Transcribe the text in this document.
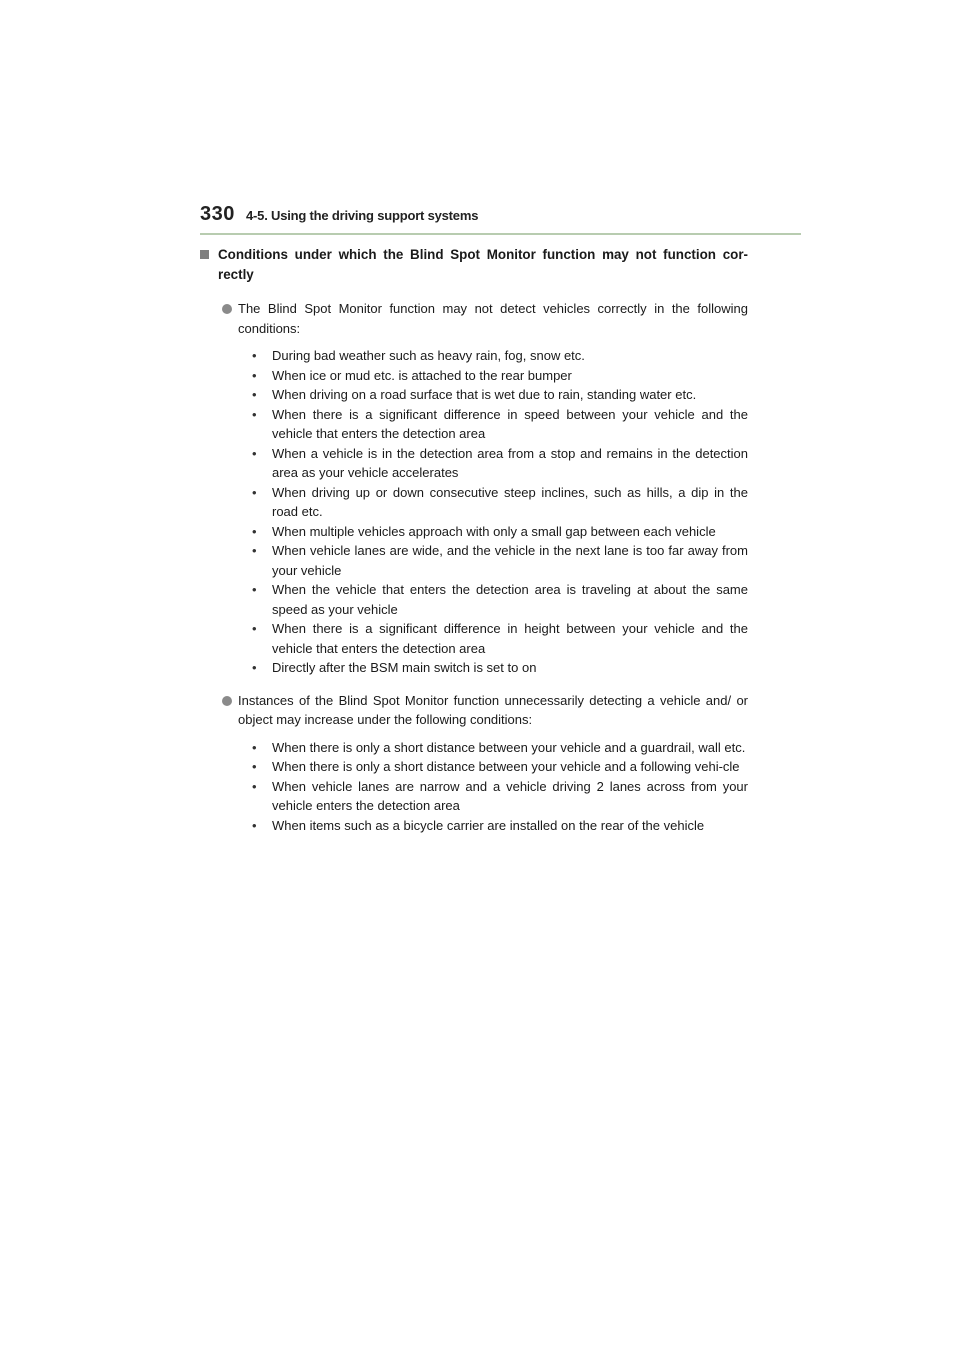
330 4-5. Using the driving support systems
Conditions under which the Blind Spot Monitor function may not function cor-rectly
The Blind Spot Monitor function may not detect vehicles correctly in the following conditions:
• During bad weather such as heavy rain, fog, snow etc.
• When ice or mud etc. is attached to the rear bumper
• When driving on a road surface that is wet due to rain, standing water etc.
• When there is a significant difference in speed between your vehicle and the vehicle that enters the detection area
• When a vehicle is in the detection area from a stop and remains in the detection area as your vehicle accelerates
• When driving up or down consecutive steep inclines, such as hills, a dip in the road etc.
• When multiple vehicles approach with only a small gap between each vehicle
• When vehicle lanes are wide, and the vehicle in the next lane is too far away from your vehicle
• When the vehicle that enters the detection area is traveling at about the same speed as your vehicle
• When there is a significant difference in height between your vehicle and the vehicle that enters the detection area
• Directly after the BSM main switch is set to on
Instances of the Blind Spot Monitor function unnecessarily detecting a vehicle and/ or object may increase under the following conditions:
• When there is only a short distance between your vehicle and a guardrail, wall etc.
• When there is only a short distance between your vehicle and a following vehi-cle
• When vehicle lanes are narrow and a vehicle driving 2 lanes across from your vehicle enters the detection area
• When items such as a bicycle carrier are installed on the rear of the vehicle
